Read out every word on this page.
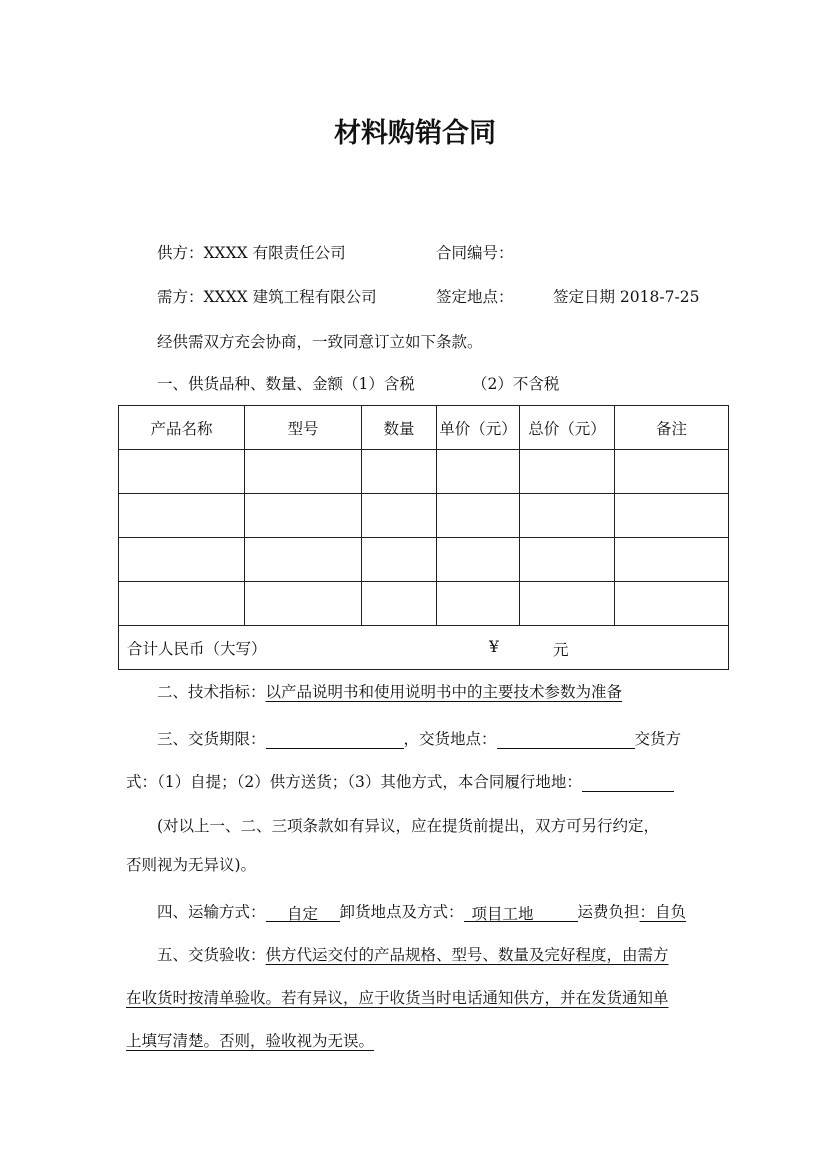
材料购销合同
供方：XXXX 有限责任公司	合同编号：
需方：XXXX 建筑工程有限公司	签定地点：	签定日期 2018-7-25
经供需双方充会协商，一致同意订立如下条款。
一、供货品种、数量、金额（1）含税	（2）不含税
产品名称	型号	数量	单价（元）	总价（元）	备注

合计人民币（大写） ¥ 元					
二、技术指标：以产品说明书和使用说明书中的主要技术参数为准备
三、交货期限：	，交货地点：	交货方
式：（1）自提；（2）供方送货；（3）其他方式，本合同履行地地：
(对以上一、二、三项条款如有异议，应在提货前提出，双方可另行约定，
否则视为无异议)。
四、运输方式： 自定 卸货地点及方式： 项目工地	运费负担：自负
五、交货验收：供方代运交付的产品规格、型号、数量及完好程度，由需方
在收货时按清单验收。若有异议，应于收货当时电话通知供方，并在发货通知单
上填写清楚。否则，验收视为无误。
